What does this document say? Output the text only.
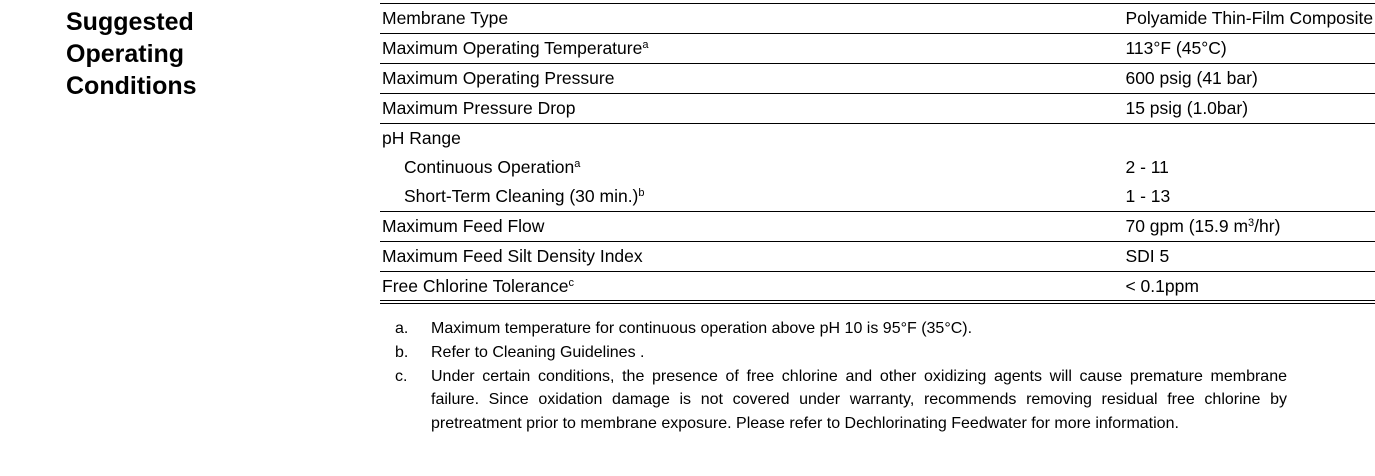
Suggested
Operating
Conditions
Membrane Type	Polyamide Thin-Film Composite
Maximum Operating Temperature$^a$	113°F (45°C)
Maximum Operating Pressure	600 psig (41 bar)
Maximum Pressure Drop	15 psig (1.0bar)
pH Range	
Continuous Operation$^a$	2 - 11
Short-Term Cleaning (30 min.)$^b$	1 - 13
Maximum Feed Flow	70 gpm (15.9 $m^3/hr$)
Maximum Feed Silt Density Index	SDI 5
Free Chlorine Tolerance$^c$	< 0.1ppm
a.	Maximum temperature for continuous operation above pH 10 is 95°F (35°C).
b.	Refer to Cleaning Guidelines .
c.	Under certain conditions, the presence of free chlorine and other oxidizing agents will cause premature membrane failure. Since oxidation damage is not covered under warranty, recommends removing residual free chlorine by pretreatment prior to membrane exposure. Please refer to Dechlorinating Feedwater for more information.
